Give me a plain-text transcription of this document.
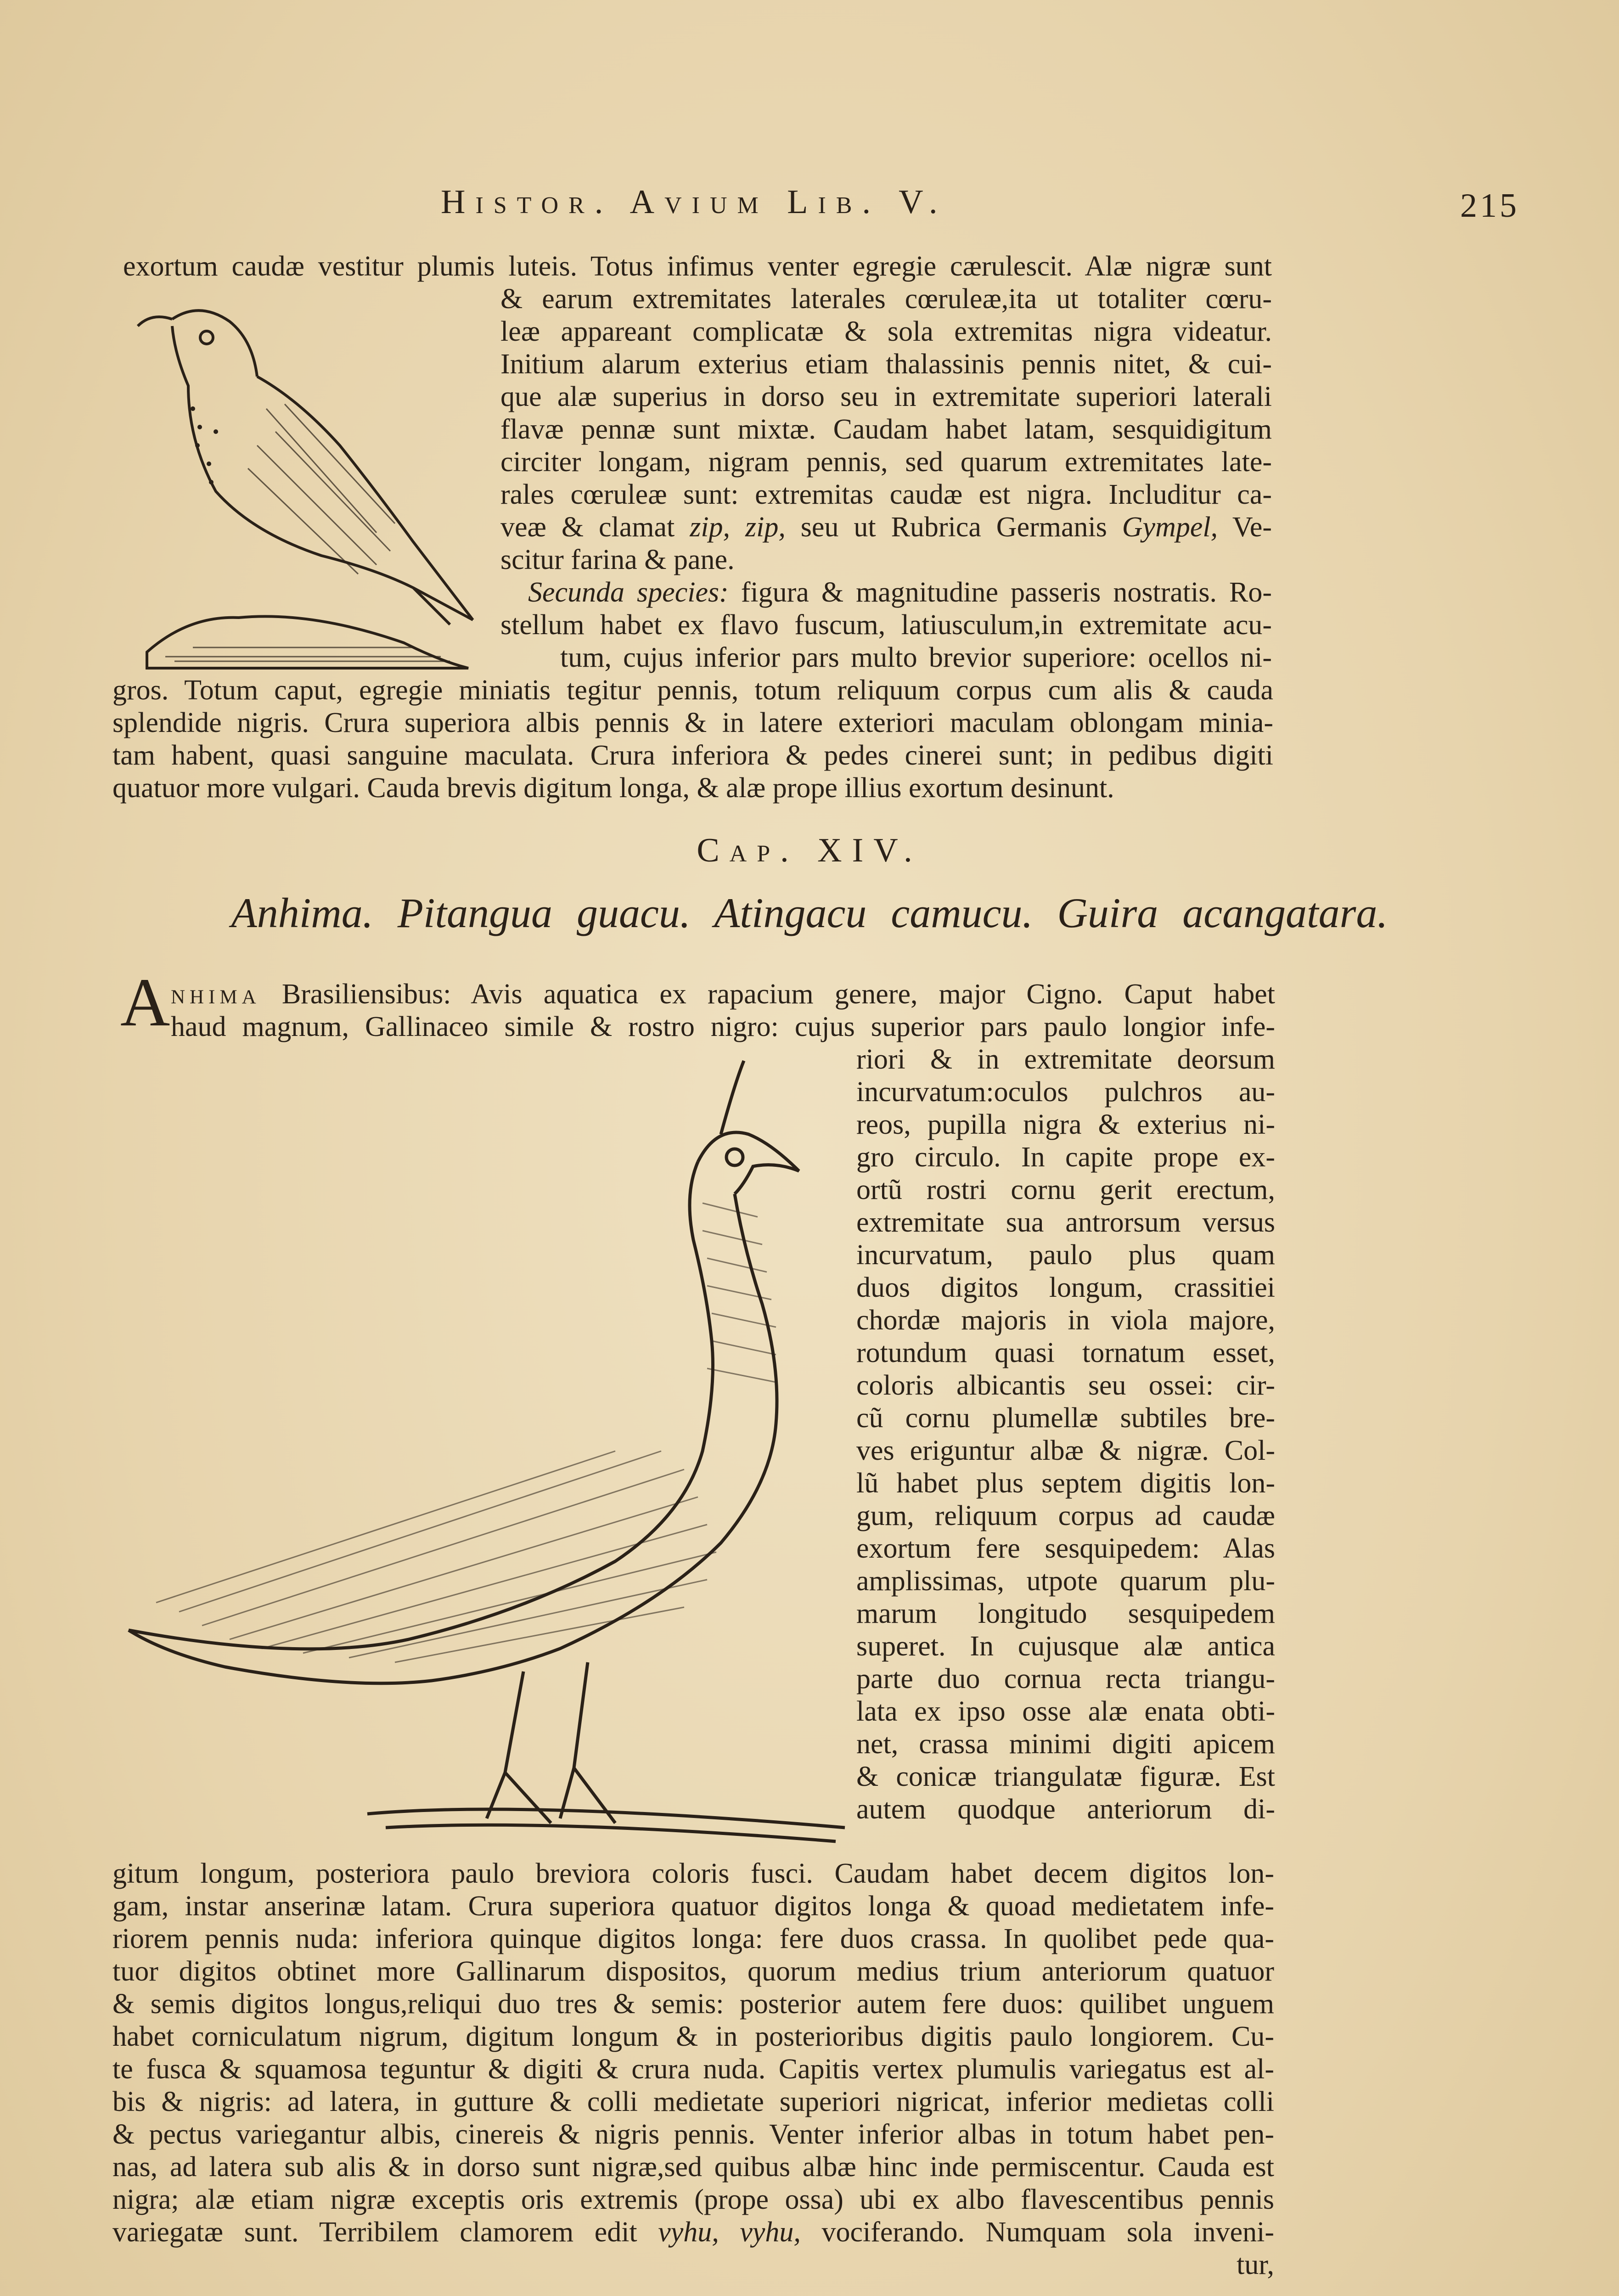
Histor. Avium Lib. V.	215
exortum caudæ vestitur plumis luteis. Totus infimus venter egregie cærulescit. Alæ nigræ sunt
& earum extremitates laterales cœruleæ,ita ut totaliter cœru-
leæ appareant complicatæ & sola extremitas nigra videatur.
Initium alarum exterius etiam thalassinis pennis nitet, & cui-
que alæ superius in dorso seu in extremitate superiori laterali
flavæ pennæ sunt mixtæ. Caudam habet latam, sesquidigitum
circiter longam, nigram pennis, sed quarum extremitates late-
rales cœruleæ sunt: extremitas caudæ est nigra. Includitur ca-
veæ & clamat zip, zip, seu ut Rubrica Germanis Gympel, Ve-
scitur farina & pane.
Secunda species: figura & magnitudine passeris nostratis. Ro-
stellum habet ex flavo fuscum, latiusculum,in extremitate acu-
tum, cujus inferior pars multo brevior superiore: ocellos ni-
gros. Totum caput, egregie miniatis tegitur pennis, totum reliquum corpus cum alis & cauda
splendide nigris. Crura superiora albis pennis & in latere exteriori maculam oblongam minia-
tam habent, quasi sanguine maculata. Crura inferiora & pedes cinerei sunt; in pedibus digiti
quatuor more vulgari. Cauda brevis digitum longa, & alæ prope illius exortum desinunt.
Cap. XIV.
Anhima. Pitangua guacu. Atingacu camucu. Guira acangatara.
A nhima Brasiliensibus: Avis aquatica ex rapacium genere, major Cigno. Caput habet
haud magnum, Gallinaceo simile & rostro nigro: cujus superior pars paulo longior infe-
riori & in extremitate deorsum
incurvatum:oculos pulchros au-
reos, pupilla nigra & exterius ni-
gro circulo. In capite prope ex-
ortũ rostri cornu gerit erectum,
extremitate sua antrorsum versus
incurvatum, paulo plus quam
duos digitos longum, crassitiei
chordæ majoris in viola majore,
rotundum quasi tornatum esset,
coloris albicantis seu ossei: cir-
cũ cornu plumellæ subtiles bre-
ves eriguntur albæ & nigræ. Col-
lũ habet plus septem digitis lon-
gum, reliquum corpus ad caudæ
exortum fere sesquipedem: Alas
amplissimas, utpote quarum plu-
marum longitudo sesquipedem
superet. In cujusque alæ antica
parte duo cornua recta triangu-
lata ex ipso osse alæ enata obti-
net, crassa minimi digiti apicem
& conicæ triangulatæ figuræ. Est
autem quodque anteriorum di-
gitum longum, posteriora paulo breviora coloris fusci. Caudam habet decem digitos lon-
gam, instar anserinæ latam. Crura superiora quatuor digitos longa & quoad medietatem infe-
riorem pennis nuda: inferiora quinque digitos longa: fere duos crassa. In quolibet pede qua-
tuor digitos obtinet more Gallinarum dispositos, quorum medius trium anteriorum quatuor
& semis digitos longus,reliqui duo tres & semis: posterior autem fere duos: quilibet unguem
habet corniculatum nigrum, digitum longum & in posterioribus digitis paulo longiorem. Cu-
te fusca & squamosa teguntur & digiti & crura nuda. Capitis vertex plumulis variegatus est al-
bis & nigris: ad latera, in gutture & colli medietate superiori nigricat, inferior medietas colli
& pectus variegantur albis, cinereis & nigris pennis. Venter inferior albas in totum habet pen-
nas, ad latera sub alis & in dorso sunt nigræ,sed quibus albæ hinc inde permiscentur. Cauda est
nigra; alæ etiam nigræ exceptis oris extremis (prope ossa) ubi ex albo flavescentibus pennis
variegatæ sunt. Terribilem clamorem edit vyhu, vyhu, vociferando. Numquam sola inveni-
tur,
